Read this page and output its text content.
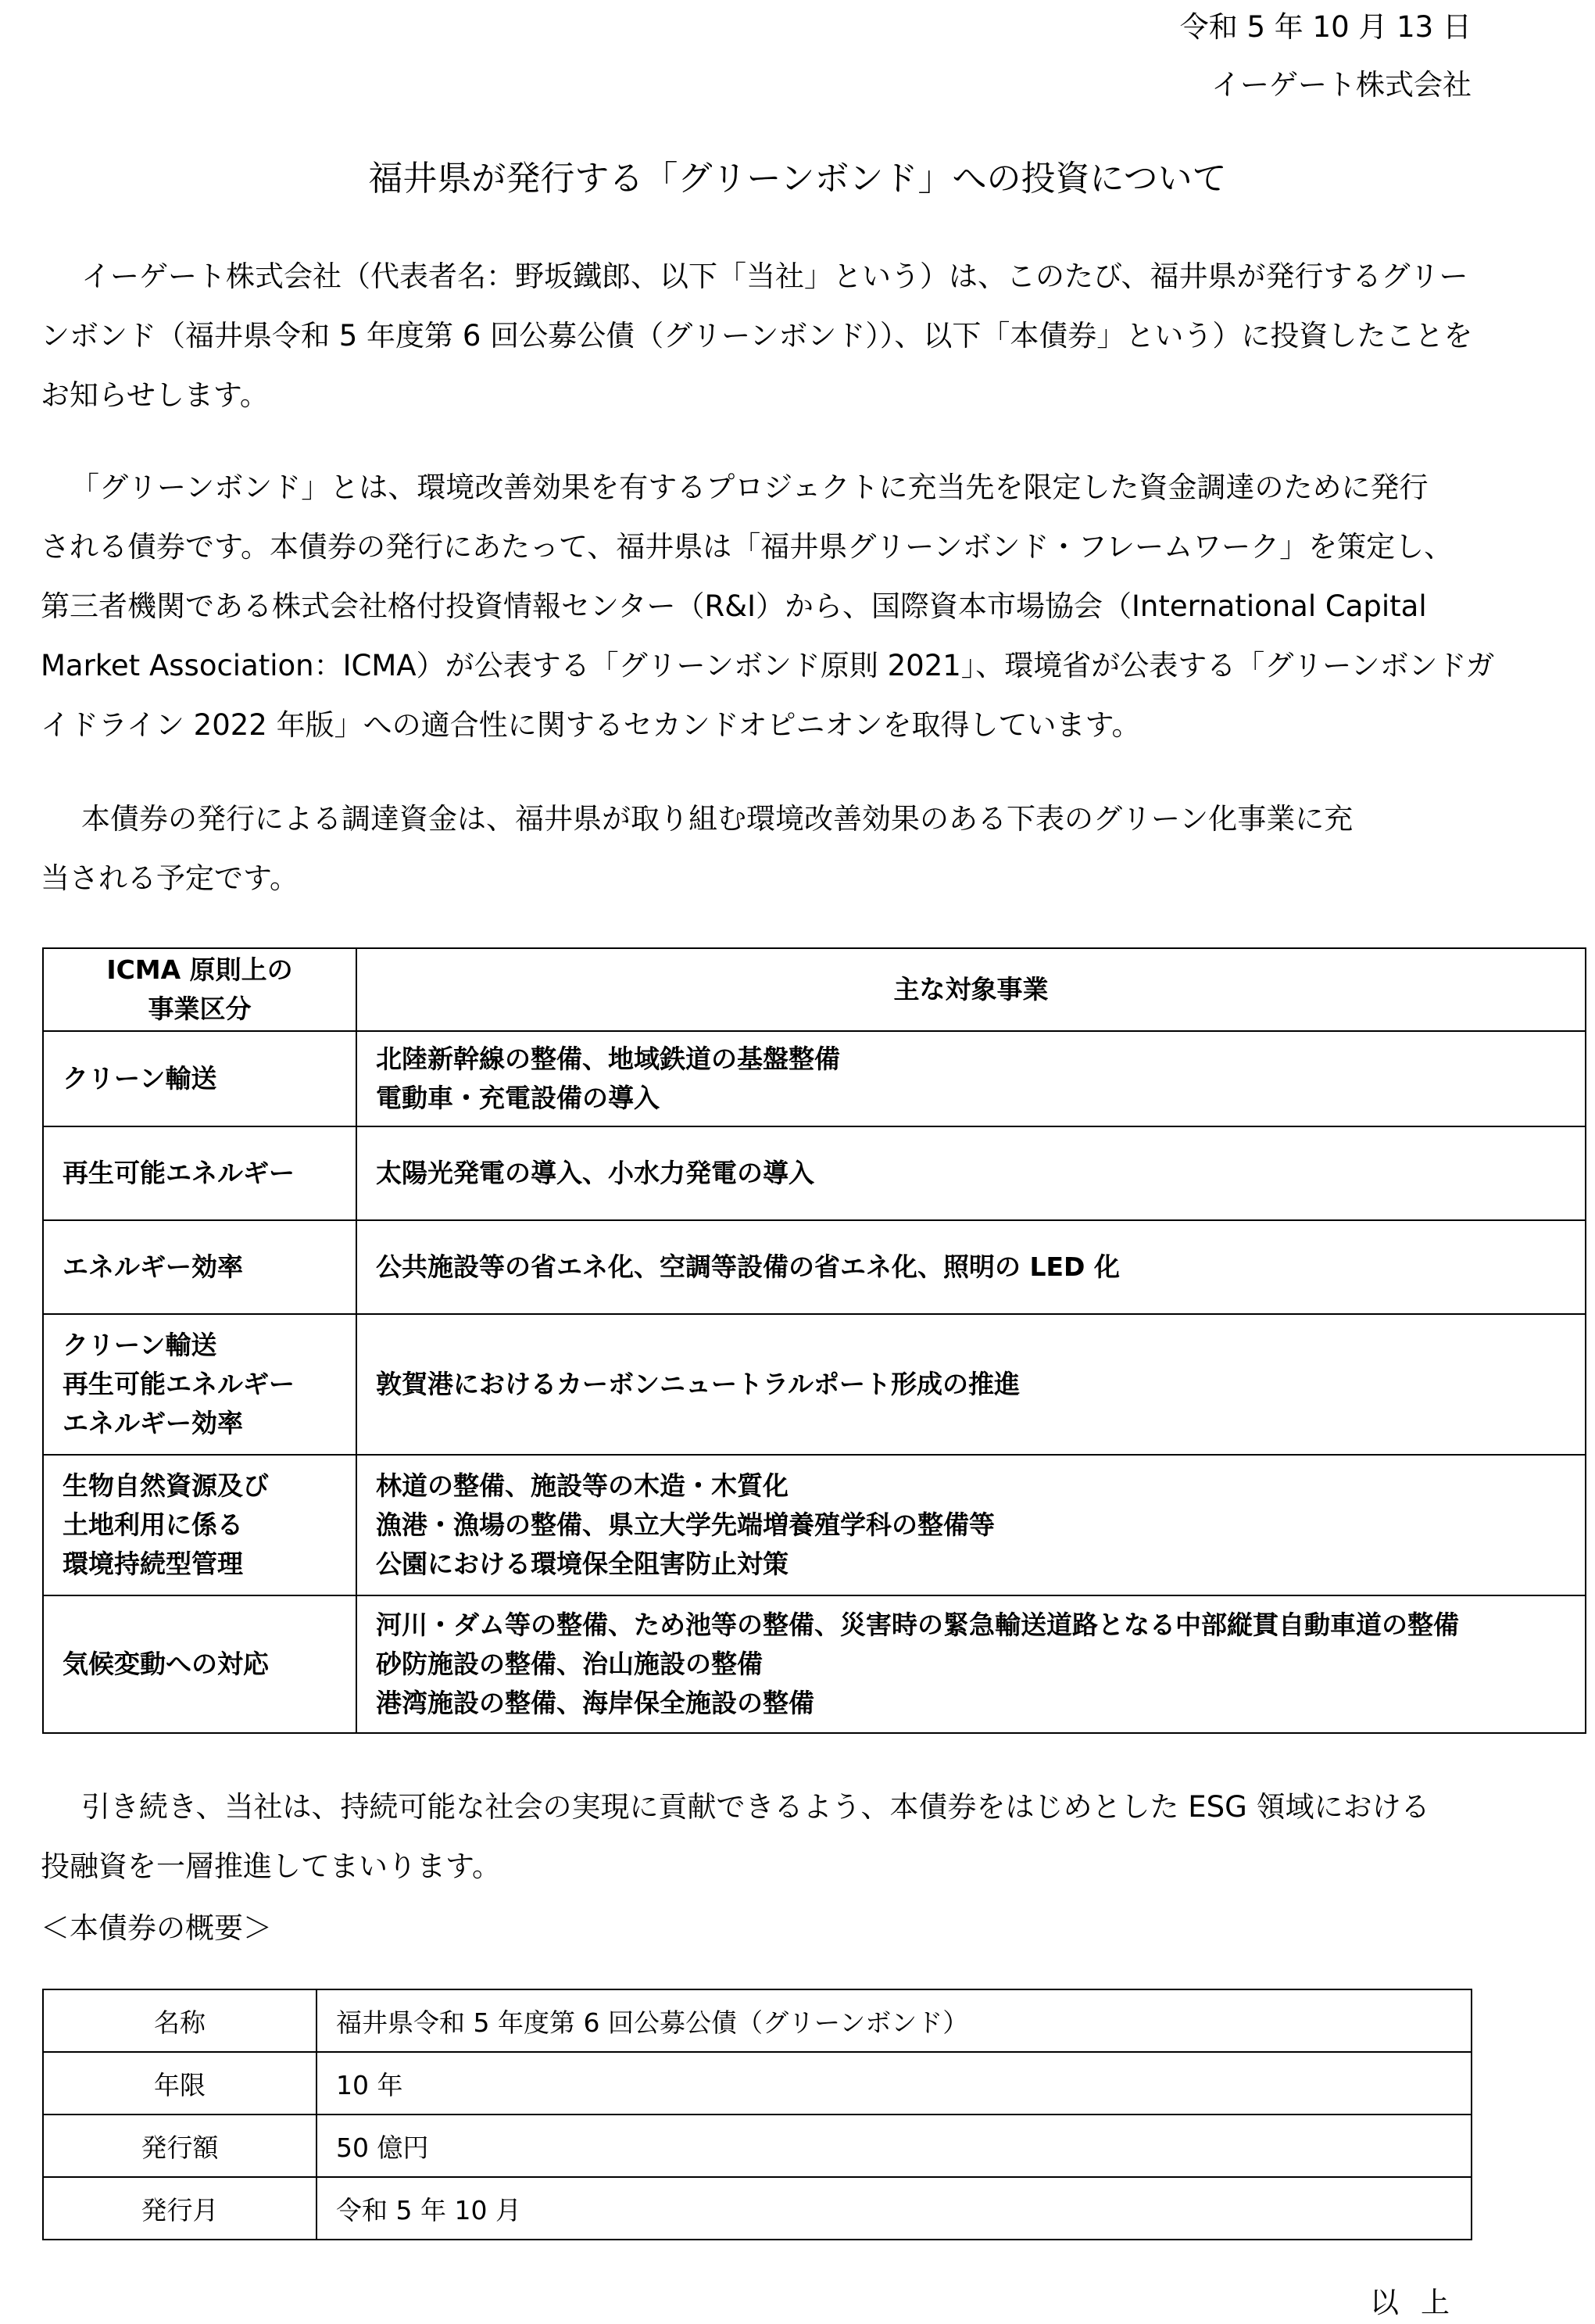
令和 5 年 10 月 13 日
イーゲート株式会社
福井県が発行する「グリーンボンド」への投資について
イーゲート株式会社（代表者名：野坂鐵郎、以下「当社」という）は、このたび、福井県が発行するグリー
ンボンド（福井県令和 5 年度第 6 回公募公債（グリーンボンド））、以下「本債券」という）に投資したことを
お知らせします。
「グリーンボンド」とは、環境改善効果を有するプロジェクトに充当先を限定した資金調達のために発行
される債券です。本債券の発行にあたって、福井県は「福井県グリーンボンド・フレームワーク」を策定し、
第三者機関である株式会社格付投資情報センター（R&I）から、国際資本市場協会（International Capital
Market Association：ICMA）が公表する「グリーンボンド原則 2021」、環境省が公表する「グリーンボンドガ
イドライン 2022 年版」への適合性に関するセカンドオピニオンを取得しています。
本債券の発行による調達資金は、福井県が取り組む環境改善効果のある下表のグリーン化事業に充
当される予定です。
ICMA 原則上の
事業区分	主な対象事業

クリーン輸送	北陸新幹線の整備、地域鉄道の基盤整備
電動車・充電設備の導入

再生可能エネルギー	太陽光発電の導入、小水力発電の導入

エネルギー効率	公共施設等の省エネ化、空調等設備の省エネ化、照明の LED 化

クリーン輸送
再生可能エネルギー
エネルギー効率	敦賀港におけるカーボンニュートラルポート形成の推進

生物自然資源及び
土地利用に係る
環境持続型管理	林道の整備、施設等の木造・木質化
漁港・漁場の整備、県立大学先端増養殖学科の整備等
公園における環境保全阻害防止対策

気候変動への対応	河川・ダム等の整備、ため池等の整備、災害時の緊急輸送道路となる中部縦貫自動車道の整備
砂防施設の整備、治山施設の整備
港湾施設の整備、海岸保全施設の整備
引き続き、当社は、持続可能な社会の実現に貢献できるよう、本債券をはじめとした ESG 領域における
投融資を一層推進してまいります。
＜本債券の概要＞
名称	福井県令和 5 年度第 6 回公募公債（グリーンボンド）
年限	10 年
発行額	50 億円
発行月	令和 5 年 10 月
以上
